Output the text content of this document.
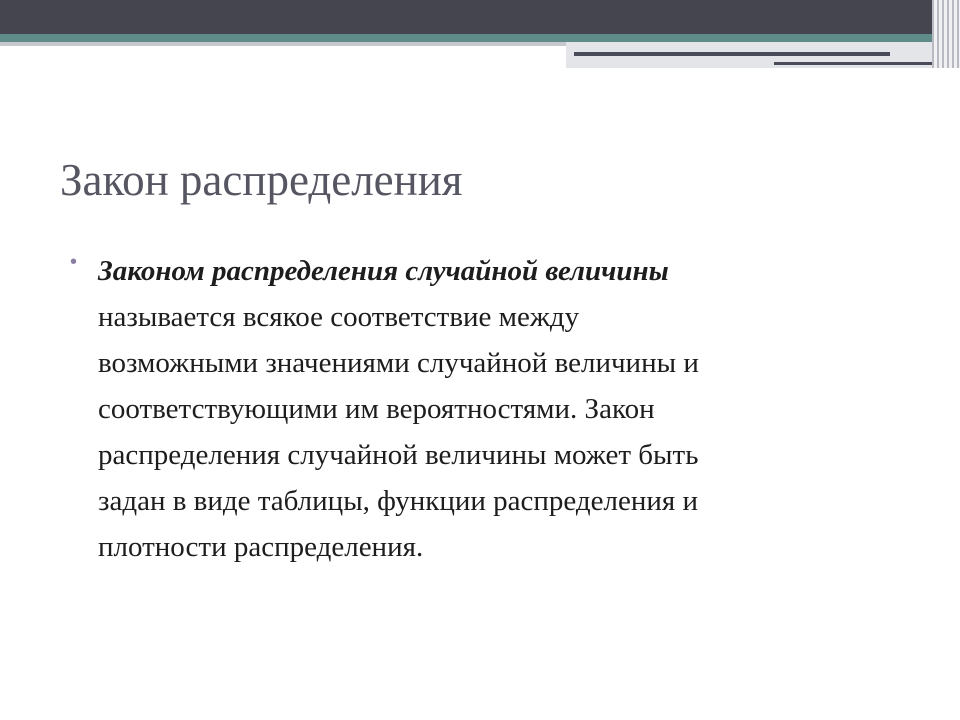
Закон распределения
• Законом распределения случайной величины
называется всякое соответствие между
возможными значениями случайной величины и
соответствующими им вероятностями. Закон
распределения случайной величины может быть
задан в виде таблицы, функции распределения и
плотности распределения.
